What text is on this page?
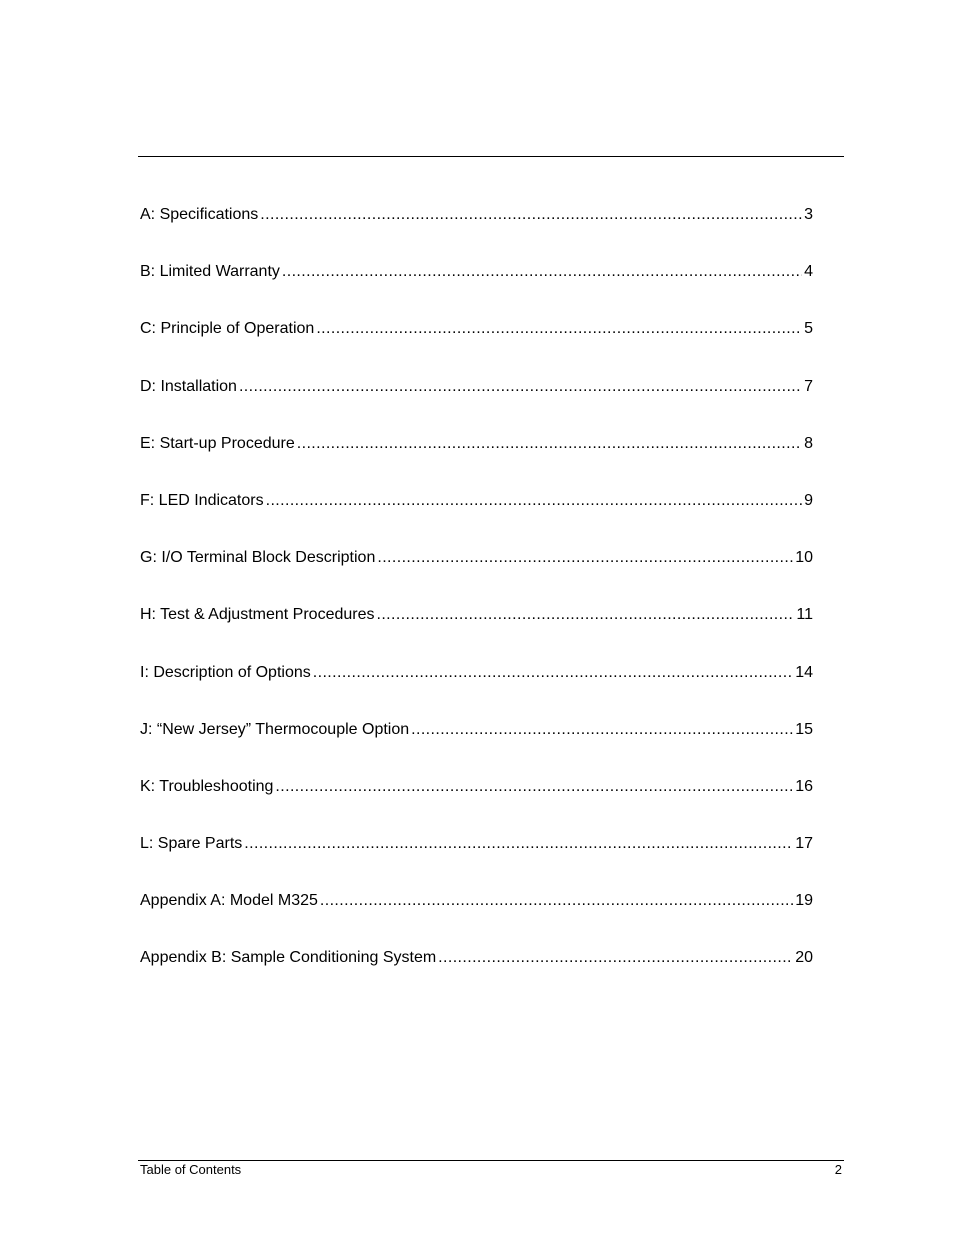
A: Specifications .....	3
B: Limited Warranty .....	4
C: Principle of Operation .....	5
D: Installation .....	7
E: Start-up Procedure .....	8
F: LED Indicators .....	9
G: I/O Terminal Block Description .....	10
H: Test & Adjustment Procedures .....	11
I: Description of Options .....	14
J: “New Jersey” Thermocouple Option .....	15
K: Troubleshooting .....	16
L: Spare Parts .....	17
Appendix A: Model M325 .....	19
Appendix B: Sample Conditioning System .....	20
Table of Contents	2
